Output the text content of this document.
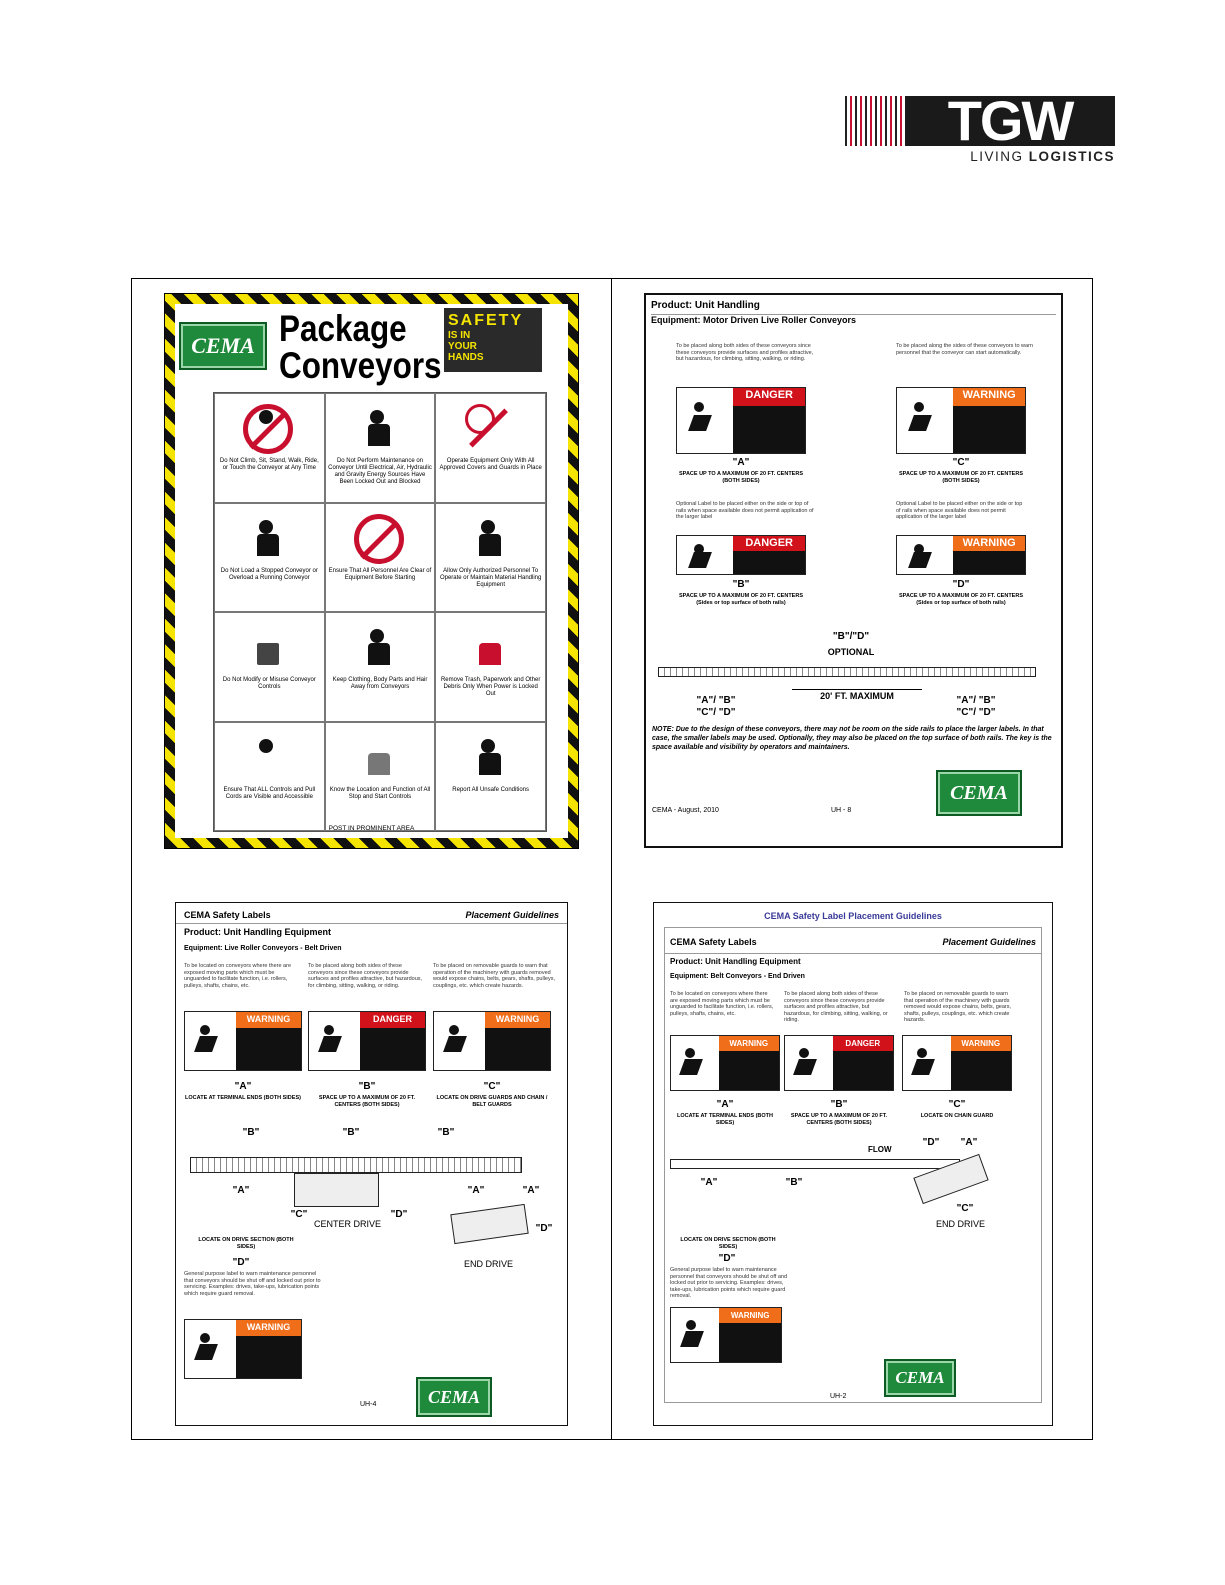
TGW
LIVING LOGISTICS
CEMA Package
Conveyors
SAFETY
IS IN YOUR HANDS
Do Not Climb, Sit, Stand, Walk, Ride, or Touch the Conveyor at Any Time
Do Not Perform Maintenance on Conveyor Until Electrical, Air, Hydraulic and Gravity Energy Sources Have Been Locked Out and Blocked
Operate Equipment Only With All Approved Covers and Guards in Place
Do Not Load a Stopped Conveyor or Overload a Running Conveyor
Ensure That All Personnel Are Clear of Equipment Before Starting
Allow Only Authorized Personnel To Operate or Maintain Material Handling Equipment
Do Not Modify or Misuse Conveyor Controls
Keep Clothing, Body Parts and Hair Away from Conveyors
Remove Trash, Paperwork and Other Debris Only When Power is Locked Out
Ensure That ALL Controls and Pull Cords are Visible and Accessible
Know the Location and Function of All Stop and Start Controls
Report All Unsafe Conditions
POST IN PROMINENT AREA
Product: Unit Handling
Equipment: Motor Driven Live Roller Conveyors
To be placed along both sides of these conveyors since these conveyors provide surfaces and profiles attractive, but hazardous, for climbing, sitting, walking, or riding.
To be placed along the sides of these conveyors to warn personnel that the conveyor can start automatically.
DANGER	WARNING
"A"	"C"
SPACE UP TO A MAXIMUM OF 20 FT. CENTERS (BOTH SIDES)
SPACE UP TO A MAXIMUM OF 20 FT. CENTERS (BOTH SIDES)
Optional Label to be placed either on the side or top of rails when space available does not permit application of the larger label
Optional Label to be placed either on the side or top of rails when space available does not permit application of the larger label
DANGER	WARNING
"B"	"D"
SPACE UP TO A MAXIMUM OF 20 FT. CENTERS (Sides or top surface of both rails)
SPACE UP TO A MAXIMUM OF 20 FT. CENTERS (Sides or top surface of both rails)
"B"/"D"
OPTIONAL
20' FT. MAXIMUM
"A"/ "B"
"C"/ "D"
"A"/ "B"
"C"/ "D"
NOTE: Due to the design of these conveyors, there may not be room on the side rails to place the larger labels. In that case, the smaller labels may be used. Optionally, they may also be placed on the top surface of both rails. The key is the space available and visibility by operators and maintainers.
CEMA
CEMA - August, 2010	UH - 8
CEMA Safety Labels	Placement Guidelines
Product: Unit Handling Equipment
Equipment: Live Roller Conveyors - Belt Driven
To be located on conveyors where there are exposed moving parts which must be unguarded to facilitate function, i.e. rollers, pulleys, shafts, chains, etc.
To be placed along both sides of these conveyors since these conveyors provide surfaces and profiles attractive, but hazardous, for climbing, sitting, walking, or riding.
To be placed on removable guards to warn that operation of the machinery with guards removed would expose chains, belts, gears, shafts, pulleys, couplings, etc. which create hazards.
WARNING	DANGER	WARNING
"A"	"B"	"C"
LOCATE AT TERMINAL ENDS (BOTH SIDES)	SPACE UP TO A MAXIMUM OF 20 FT. CENTERS (BOTH SIDES)
LOCATE ON DRIVE GUARDS AND CHAIN / BELT GUARDS
"B"	"B"	"B"
"A"
"C"	"D"
CENTER DRIVE
"A"	"A"
"D"
LOCATE ON DRIVE SECTION (BOTH SIDES)
"D"	END DRIVE
General purpose label to warn maintenance personnel that conveyors should be shut off and locked out prior to servicing. Examples: drives, take-ups, lubrication points which require guard removal.
WARNING
CEMA
UH-4
CEMA Safety Label Placement Guidelines
CEMA Safety Labels	Placement Guidelines
Product: Unit Handling Equipment
Equipment: Belt Conveyors - End Driven
To be located on conveyors where there are exposed moving parts which must be unguarded to facilitate function, i.e. rollers, pulleys, shafts, chains, etc.
To be placed along both sides of these conveyors since these conveyors provide surfaces and profiles attractive, but hazardous, for climbing, sitting, walking, or riding.
To be placed on removable guards to warn that operation of the machinery with guards removed would expose chains, belts, gears, shafts, pulleys, couplings, etc. which create hazards.
WARNING	DANGER	WARNING
"A"	"B"	"C"
LOCATE AT TERMINAL ENDS (BOTH SIDES)
SPACE UP TO A MAXIMUM OF 20 FT. CENTERS (BOTH SIDES)
LOCATE ON CHAIN GUARD
"D"	"A"
FLOW
"A"	"B"
"C"
END DRIVE
LOCATE ON DRIVE SECTION (BOTH SIDES)
"D"
General purpose label to warn maintenance personnel that conveyors should be shut off and locked out prior to servicing. Examples: drives, take-ups, lubrication points which require guard removal.
WARNING
CEMA
UH-2
